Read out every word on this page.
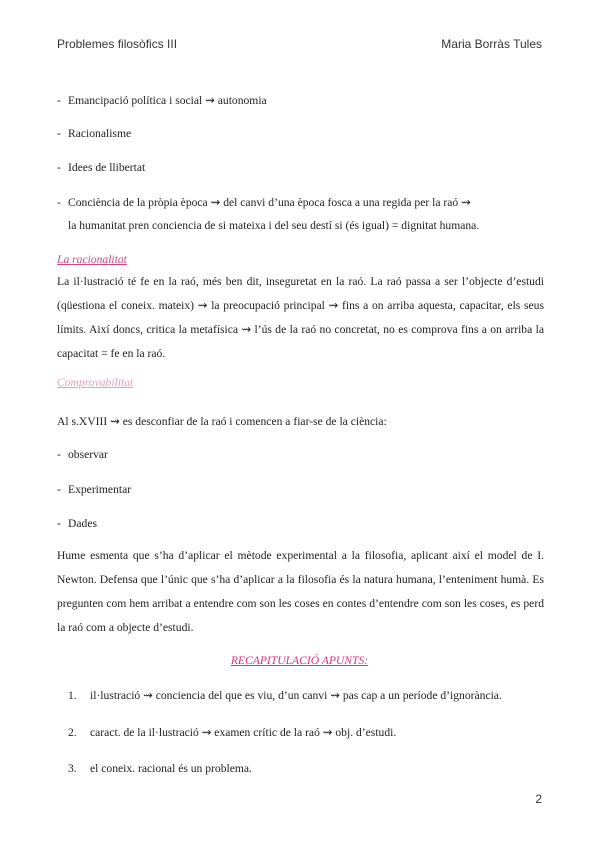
Problemes filosòfics III	Maria Borràs Tules
- Emancipació política i social ⇝ autonomia
- Racionalisme
- Idees de llibertat
- Conciència de la pròpia època ⇝ del canvi d’una època fosca a una regida per la raó ⇝
la humanitat pren conciencia de si mateixa i del seu destí si (és igual) = dignitat humana.
La racionalitat
La il·lustració té fe en la raó, més ben dit, inseguretat en la raó. La raó passa a ser l’objecte d’estudi (qüestiona el coneix. mateix) ⇝ la preocupació principal ⇝ fins a on arriba aquesta, capacitar, els seus límits. Així doncs, critica la metafísica ⇝ l’ús de la raó no concretat, no es comprova fins a on arriba la capacitat = fe en la raó.
Comprovabilitat
Al s.XVIII ⇝ es desconfiar de la raó i comencen a fiar-se de la ciència:
- observar
- Experimentar
- Dades
Hume esmenta que s’ha d’aplicar el mètode experimental a la filosofia, aplicant així el model de I. Newton. Defensa que l’únic que s’ha d’aplicar a la filosofia és la natura humana, l’enteniment humà. Es pregunten com hem arribat a entendre com son les coses en contes d’entendre com son les coses, es perd la raó com a objecte d’estudi.
RECAPITULACIÓ APUNTS:
1. il·lustració ⇝ conciencia del que es viu, d’un canvi ⇝ pas cap a un període d’ignorància.
2. caract. de la il·lustració ⇝ examen crític de la raó ⇝ obj. d’estudi.
3. el coneix. racional és un problema.
2
